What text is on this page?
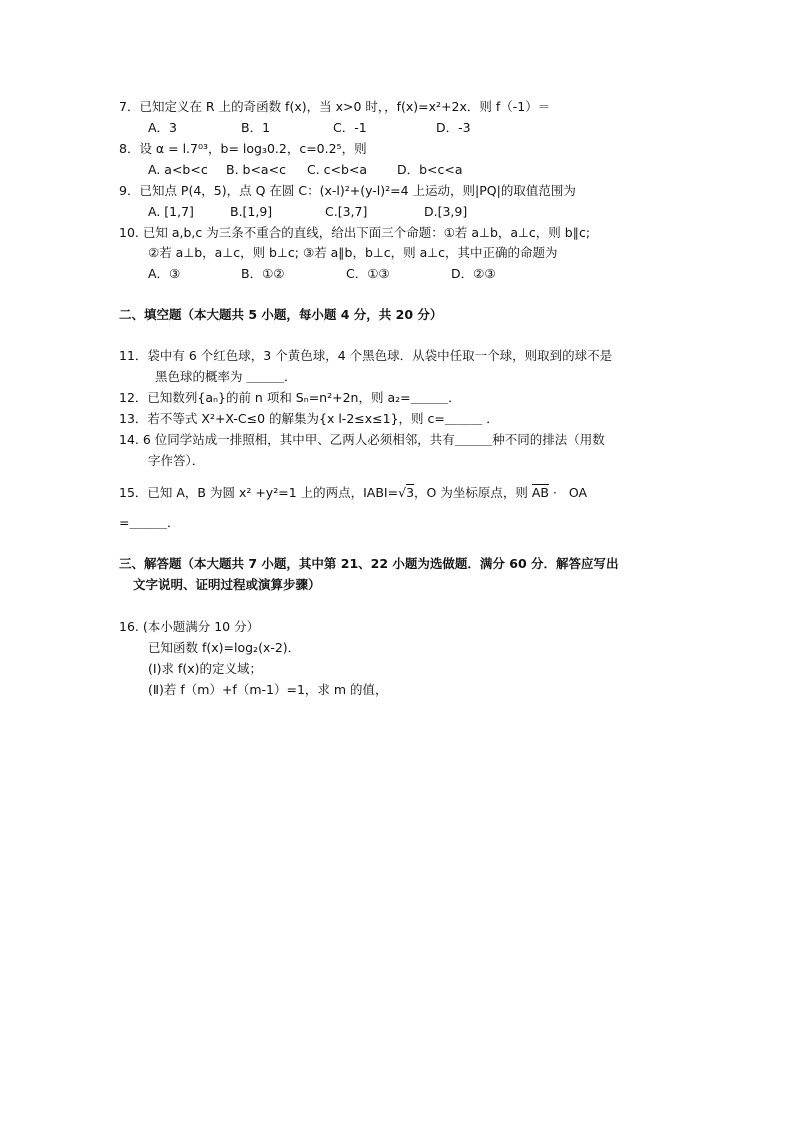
7．已知定义在 R 上的奇函数 f(x)，当 x>0 时，，f(x)=x²+2x．则 f（-1）＝
A．3	B．1	C．-1	D．-3
8．设 α = l.7⁰³，b= log₃0.2，c=0.2⁵，则
A. a<b<c B. b<a<c C. c<b<a D．b<c<a
9．已知点 P(4，5)，点 Q 在圆 C：(x-l)²+(y-l)²=4 上运动，则|PQ|的取值范围为
A. [1,7]	B.[1,9]	C.[3,7]	D.[3,9]
10. 已知 a,b,c 为三条不重合的直线，给出下面三个命题：①若 a⊥b，a⊥c，则 b∥c;
②若 a⊥b，a⊥c，则 b⊥c; ③若 a∥b，b⊥c，则 a⊥c，其中正确的命题为
A．③	B．①②	C．①③	D．②③
二、填空题（本大题共 5 小题，每小题 4 分，共 20 分）
11．袋中有 6 个红色球，3 个黄色球，4 个黑色球．从袋中任取一个球，则取到的球不是
黑色球的概率为 ＿＿＿．
12．已知数列{aₙ}的前 n 项和 Sₙ=n²+2n，则 a₂=＿＿＿．
13．若不等式 X²+X-C≤0 的解集为{x l-2≤x≤1}，则 c=＿＿＿ ．
14. 6 位同学站成一排照相，其中甲、乙两人必须相邻，共有＿＿＿种不同的排法（用数
字作答）．
15．已知 A，B 为圆 x² +y²=1 上的两点，IABI=√3，O 为坐标原点，则 $\overline{AB}$ · OA
=＿＿＿．
三、解答题（本大题共 7 小题，其中第 21、22 小题为选做题．满分 60 分．解答应写出
文字说明、证明过程或演算步骤）
16. (本小题满分 10 分）
已知函数 f(x)=log₂(x-2)．
(Ⅰ)求 f(x)的定义域；
(Ⅱ)若 f（m）+f（m-1）=1，求 m 的值，
